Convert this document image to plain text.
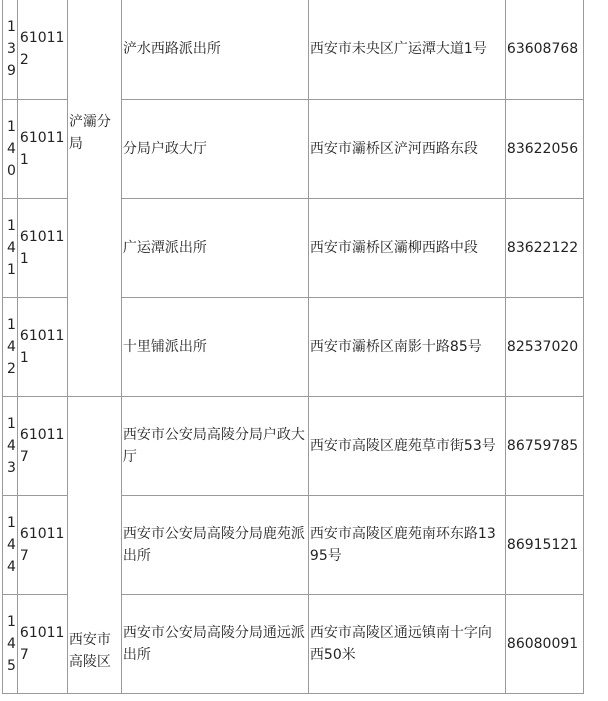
139	610112	浐灞分局	浐水西路派出所	西安市未央区广运潭大道1号	63608768
140	610111		分局户政大厅	西安市灞桥区浐河西路东段	83622056
141	610111		广运潭派出所	西安市灞桥区灞柳西路中段	83622122
142	610111		十里铺派出所	西安市灞桥区南影十路85号	82537020
143	610117	西安市高陵区	西安市公安局高陵分局户政大厅	西安市高陵区鹿苑草市街53号	86759785
144	610117		西安市公安局高陵分局鹿苑派出所	西安市高陵区鹿苑南环东路1395号	86915121
145	610117		西安市公安局高陵分局通远派出所	西安市高陵区通远镇南十字向西50米	86080091
